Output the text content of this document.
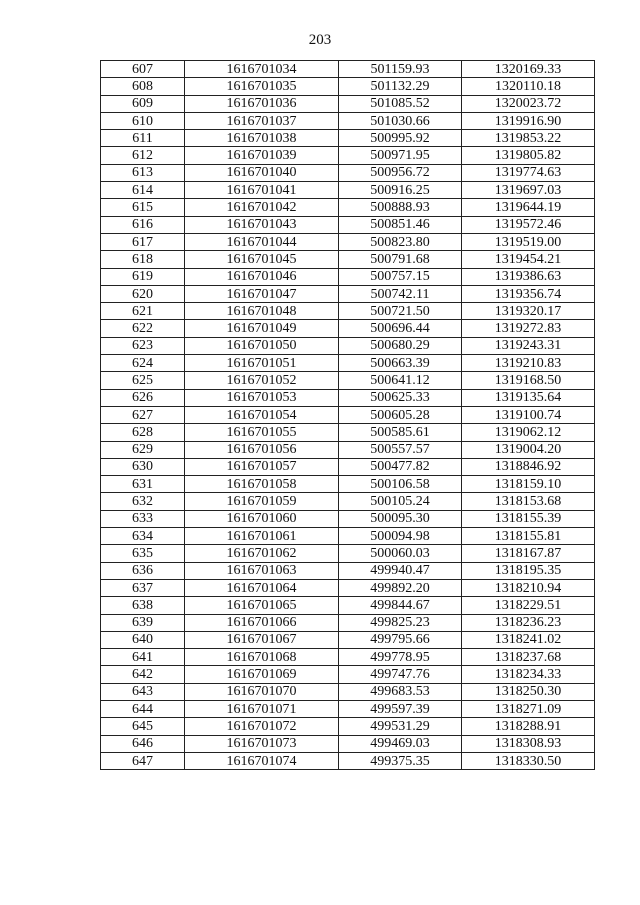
203
607	1616701034	501159.93	1320169.33
608	1616701035	501132.29	1320110.18
609	1616701036	501085.52	1320023.72
610	1616701037	501030.66	1319916.90
611	1616701038	500995.92	1319853.22
612	1616701039	500971.95	1319805.82
613	1616701040	500956.72	1319774.63
614	1616701041	500916.25	1319697.03
615	1616701042	500888.93	1319644.19
616	1616701043	500851.46	1319572.46
617	1616701044	500823.80	1319519.00
618	1616701045	500791.68	1319454.21
619	1616701046	500757.15	1319386.63
620	1616701047	500742.11	1319356.74
621	1616701048	500721.50	1319320.17
622	1616701049	500696.44	1319272.83
623	1616701050	500680.29	1319243.31
624	1616701051	500663.39	1319210.83
625	1616701052	500641.12	1319168.50
626	1616701053	500625.33	1319135.64
627	1616701054	500605.28	1319100.74
628	1616701055	500585.61	1319062.12
629	1616701056	500557.57	1319004.20
630	1616701057	500477.82	1318846.92
631	1616701058	500106.58	1318159.10
632	1616701059	500105.24	1318153.68
633	1616701060	500095.30	1318155.39
634	1616701061	500094.98	1318155.81
635	1616701062	500060.03	1318167.87
636	1616701063	499940.47	1318195.35
637	1616701064	499892.20	1318210.94
638	1616701065	499844.67	1318229.51
639	1616701066	499825.23	1318236.23
640	1616701067	499795.66	1318241.02
641	1616701068	499778.95	1318237.68
642	1616701069	499747.76	1318234.33
643	1616701070	499683.53	1318250.30
644	1616701071	499597.39	1318271.09
645	1616701072	499531.29	1318288.91
646	1616701073	499469.03	1318308.93
647	1616701074	499375.35	1318330.50
